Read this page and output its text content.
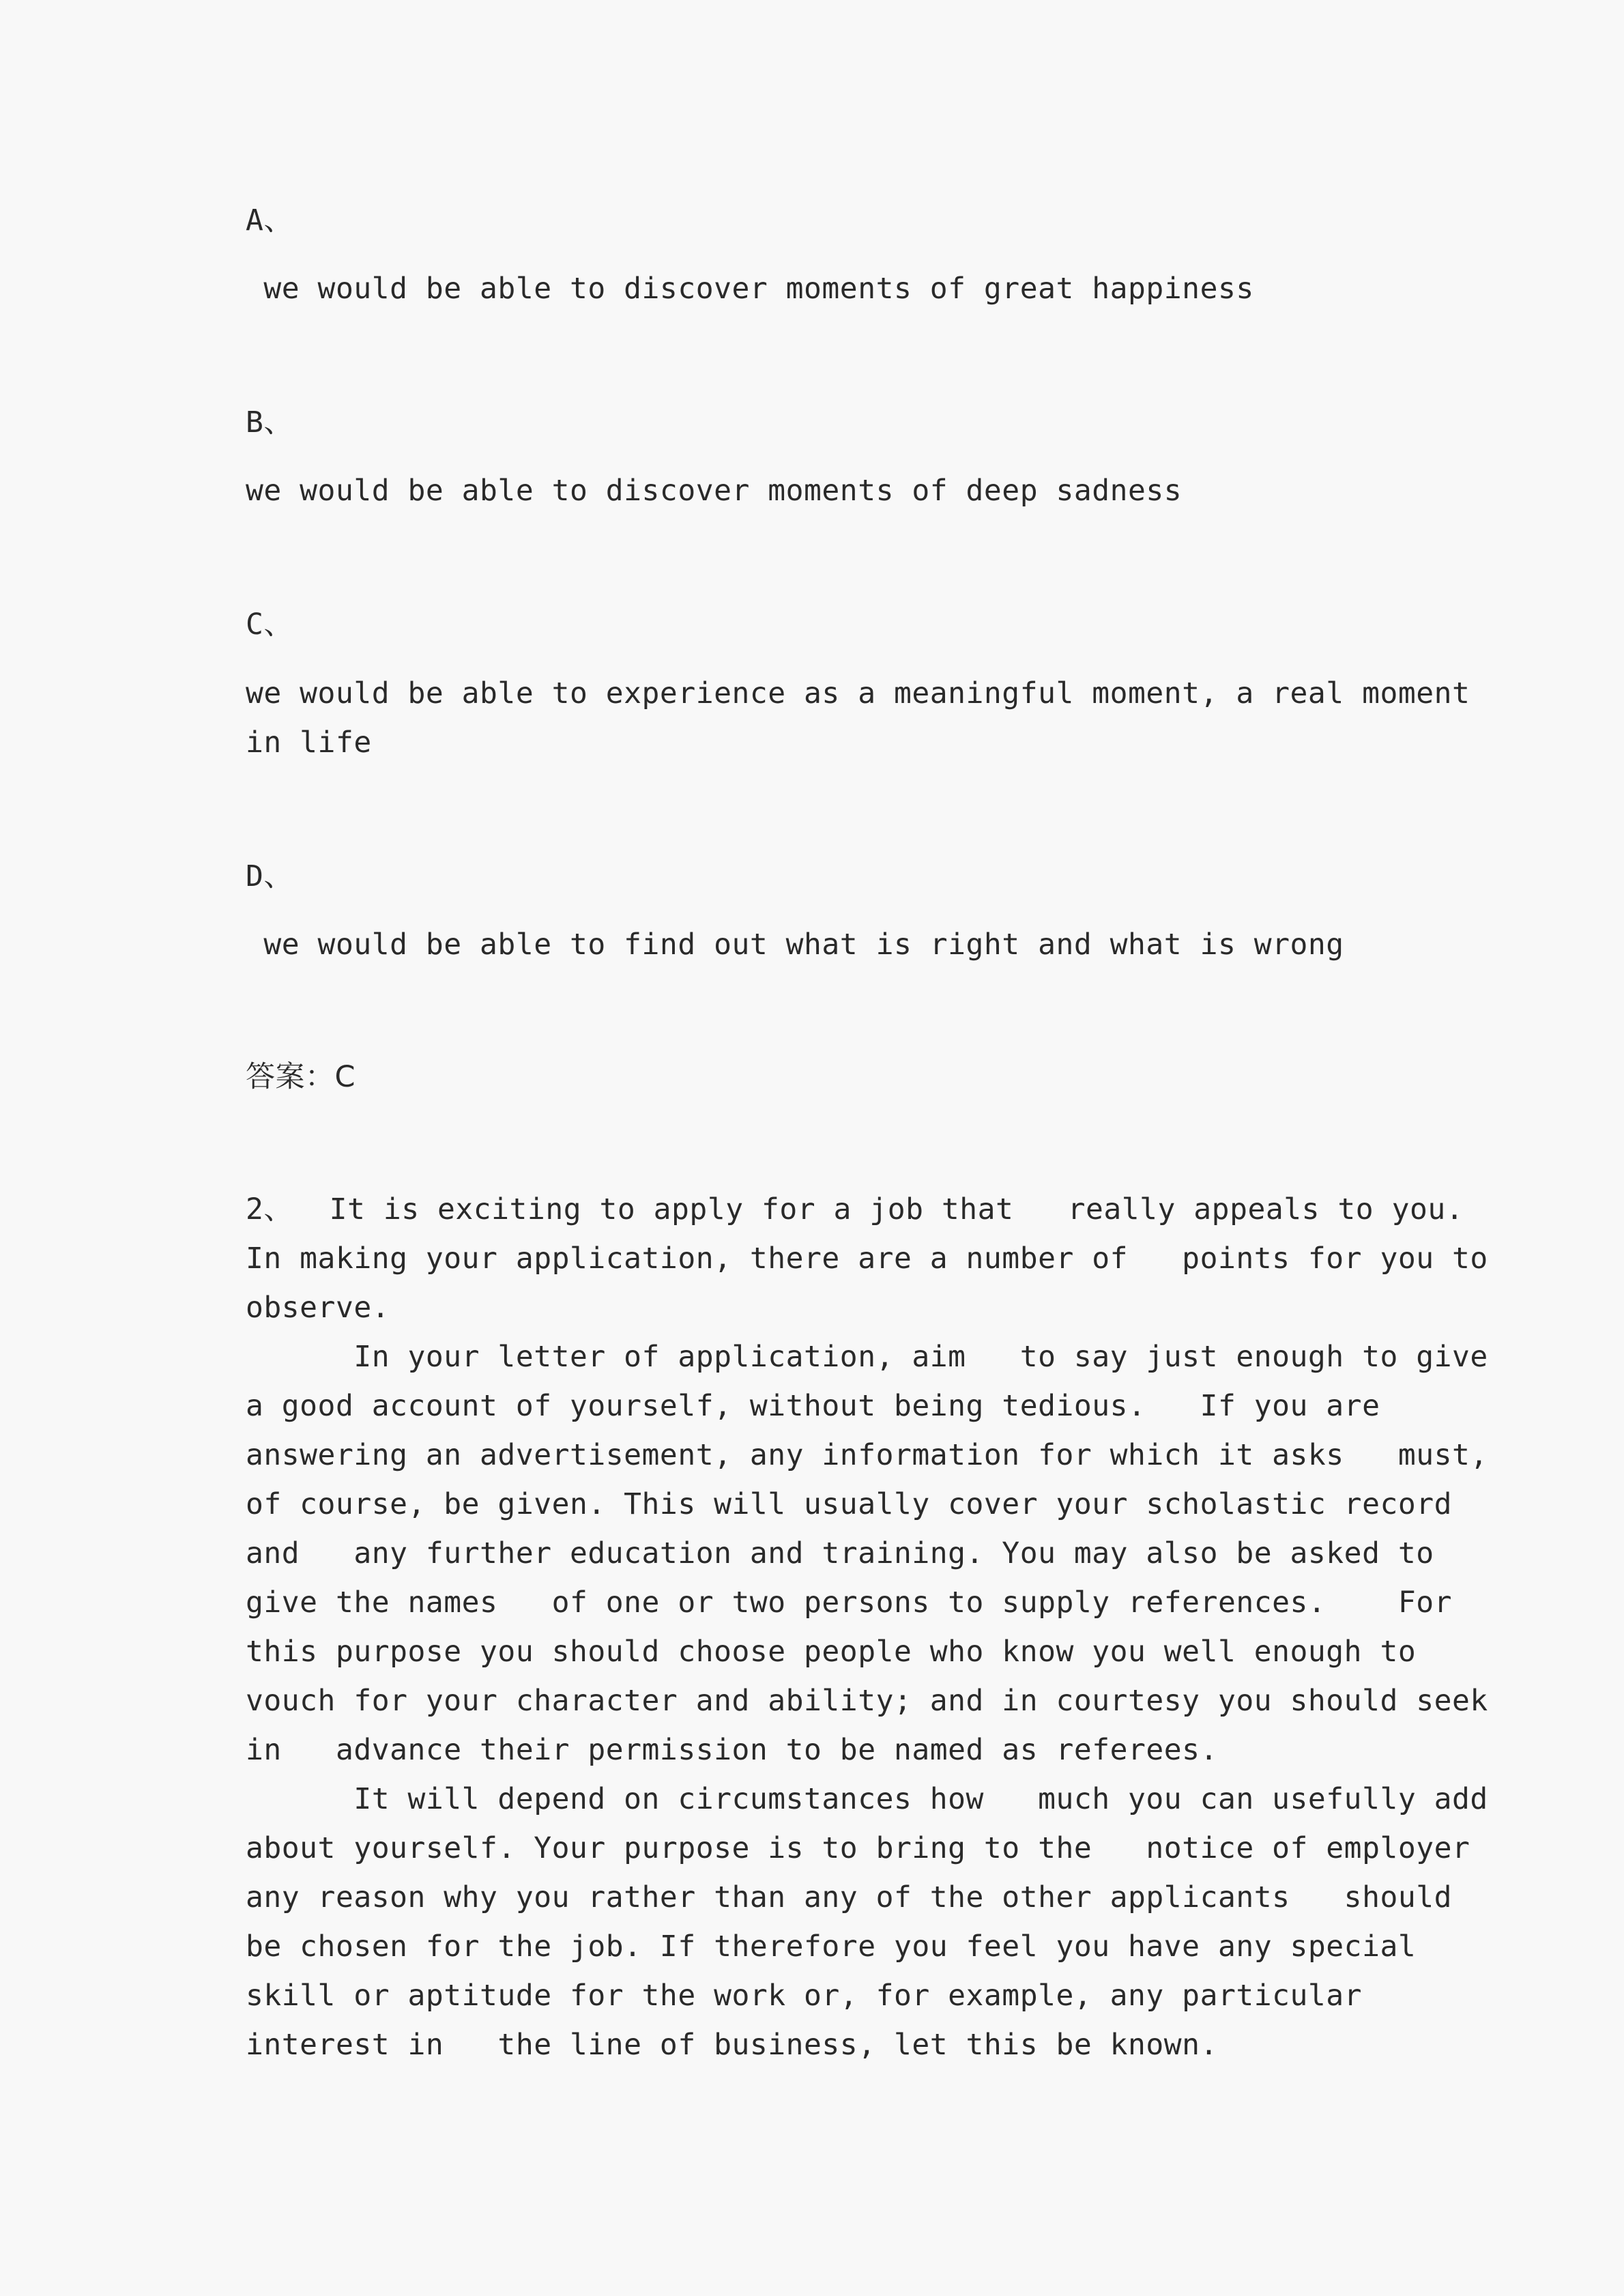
A、
we would be able to discover moments of great happiness
B、
we would be able to discover moments of deep sadness
C、
we would be able to experience as a meaningful moment, a real moment
in life
D、
we would be able to find out what is right and what is wrong
答案：C
2、  It is exciting to apply for a job that   really appeals to you.
In making your application, there are a number of   points for you to
observe.
In your letter of application, aim   to say just enough to give
a good account of yourself, without being tedious.   If you are
answering an advertisement, any information for which it asks   must,
of course, be given. This will usually cover your scholastic record
and   any further education and training. You may also be asked to
give the names   of one or two persons to supply references.    For
this purpose you should choose people who know you well enough to
vouch for your character and ability; and in courtesy you should seek
in   advance their permission to be named as referees.
It will depend on circumstances how   much you can usefully add
about yourself. Your purpose is to bring to the   notice of employer
any reason why you rather than any of the other applicants   should
be chosen for the job. If therefore you feel you have any special
skill or aptitude for the work or, for example, any particular
interest in   the line of business, let this be known.
